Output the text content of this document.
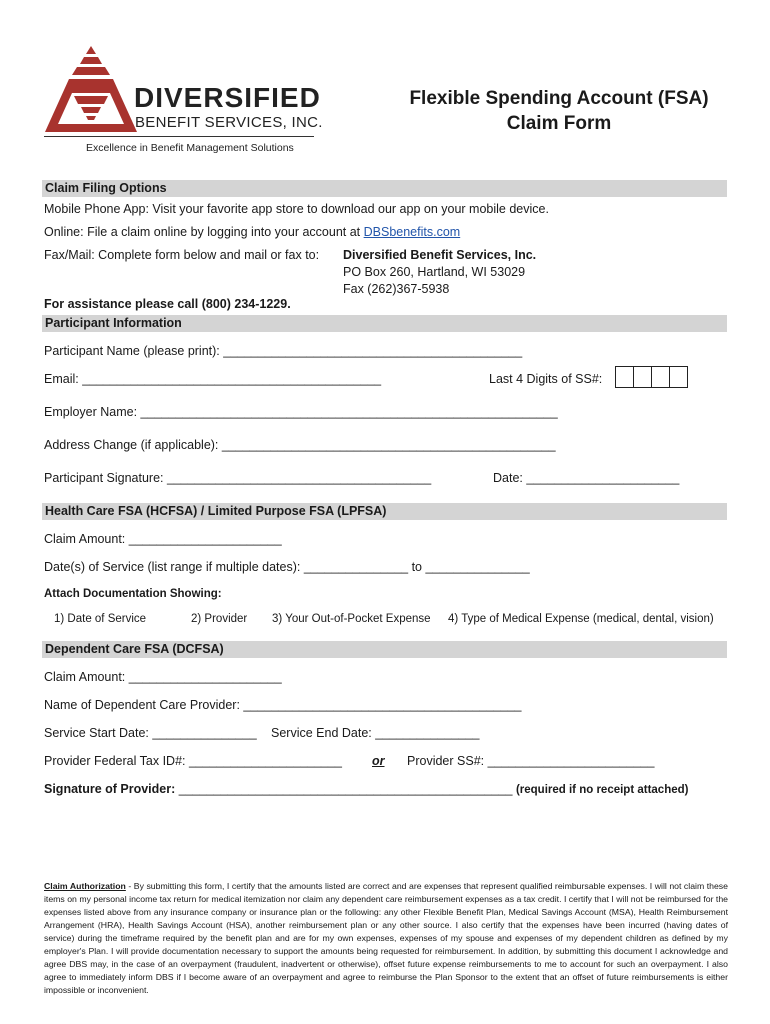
DIVERSIFIED
BENEFIT SERVICES, INC.
Excellence in Benefit Management Solutions
Flexible Spending Account (FSA)
Claim Form
Claim Filing Options
Mobile Phone App: Visit your favorite app store to download our app on your mobile device.
Online: File a claim online by logging into your account at DBSbenefits.com
Fax/Mail: Complete form below and mail or fax to: Diversified Benefit Services, Inc.
PO Box 260, Hartland, WI 53029
Fax (262)367-5938
For assistance please call (800) 234-1229.
Participant Information
Participant Name (please print): ___________________________________________
Email: ___________________________________________	Last 4 Digits of SS#:
Employer Name: ____________________________________________________________
Address Change (if applicable): ________________________________________________
Participant Signature: ______________________________________	Date: ______________________
Health Care FSA (HCFSA) / Limited Purpose FSA (LPFSA)
Claim Amount: ______________________
Date(s) of Service (list range if multiple dates): _______________ to _______________
Attach Documentation Showing:
1) Date of Service	2) Provider 3) Your Out-of-Pocket Expense 4) Type of Medical Expense (medical, dental, vision)
Dependent Care FSA (DCFSA)
Claim Amount: ______________________
Name of Dependent Care Provider: ________________________________________
Service Start Date: _______________ Service End Date: _______________
Provider Federal Tax ID#: ______________________ or Provider SS#: ________________________
Signature of Provider: ________________________________________________ (required if no receipt attached)
Claim Authorization - By submitting this form, I certify that the amounts listed are correct and are expenses that represent qualified reimbursable expenses. I will not claim these items on my personal income tax return for medical itemization nor claim any dependent care reimbursement expenses as a tax credit. I certify that I will not be reimbursed for the expenses listed above from any insurance company or insurance plan or the following: any other Flexible Benefit Plan, Medical Savings Account (MSA), Health Reimbursement Arrangement (HRA), Health Savings Account (HSA), another reimbursement plan or any other source. I also certify that the expenses have been incurred (having dates of service) during the timeframe required by the benefit plan and are for my own expenses, expenses of my spouse and expenses of my dependent children as defined by my employer's Plan. I will provide documentation necessary to support the amounts being requested for reimbursement. In addition, by submitting this document I acknowledge and agree DBS may, in the case of an overpayment (fraudulent, inadvertent or otherwise), offset future expense reimbursements to me to account for such an overpayment. I also agree to immediately inform DBS if I become aware of an overpayment and agree to reimburse the Plan Sponsor to the extent that an offset of future reimbursements is either impossible or inconvenient.
